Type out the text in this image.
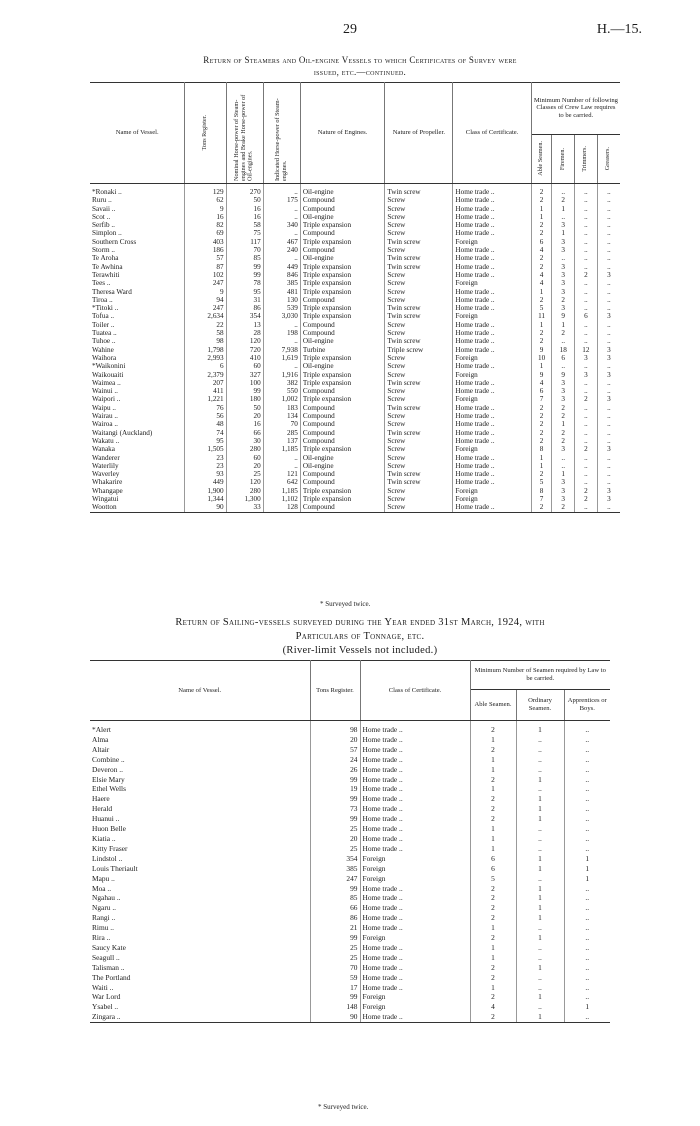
29	H.—15.
Return of Steamers and Oil-engine Vessels to which Certificates of Survey were
issued, etc.—continued.
Name of Vessel.	Tons Register.	Nominal Horse-power of Steam-engines and Brake Horse-power of Oil-engines.	Indicated Horse-power of Steam-engines.	Nature of Engines.	Nature of Propeller.	Class of Certificate.	Minimum Number of following Classes of Crew Law requires to be carried.			

							Able Seamen.	Firemen.	Trimmers.	Greasers.

*Ronaki ..	129	270	..	Oil-engine	Twin screw	Home trade ..	2	..	..	..
Ruru ..	62	50	175	Compound	Screw	Home trade ..	2	2	..	..
Savaii ..	9	16	..	Compound	Screw	Home trade ..	1	1	..	..
Scot ..	16	16	..	Oil-engine	Screw	Home trade ..	1	..	..	..
Serfib ..	82	58	340	Triple expansion	Screw	Home trade ..	2	3	..	..
Simplon ..	69	75	..	Compound	Screw	Home trade ..	2	1	..	..
Southern Cross	403	117	467	Triple expansion	Twin screw	Foreign	6	3	..	..
Storm ..	186	70	240	Compound	Screw	Home trade ..	4	3	..	..
Te Aroha	57	85	..	Oil-engine	Twin screw	Home trade ..	2	..	..	..
Te Awhina	87	99	449	Triple expansion	Twin screw	Home trade ..	2	3	..	..
Terawhiti	102	99	846	Triple expansion	Screw	Home trade ..	4	3	2	3
Tees ..	247	78	385	Triple expansion	Screw	Foreign	4	3	..	..
Theresa Ward	9	95	481	Triple expansion	Screw	Home trade ..	1	3	..	..
Tiroa ..	94	31	130	Compound	Screw	Home trade ..	2	2	..	..
*Titoki ..	247	86	539	Triple expansion	Twin screw	Home trade ..	5	3	..	..
Tofua ..	2,634	354	3,030	Triple expansion	Twin screw	Foreign	11	9	6	3
Toiler ..	22	13	..	Compound	Screw	Home trade ..	1	1	..	..
Tuatea ..	58	28	198	Compound	Screw	Home trade ..	2	2	..	..
Tuhoe ..	98	120	..	Oil-engine	Twin screw	Home trade ..	2	..	..	..
Wahine	1,798	720	7,938	Turbine	Triple screw	Home trade ..	9	18	12	3
Waihora	2,993	410	1,619	Triple expansion	Screw	Foreign	10	6	3	3
*Waikonini	6	60	..	Oil-engine	Screw	Home trade ..	1	..	..	..
Waikouaiti	2,379	327	1,916	Triple expansion	Screw	Foreign	9	9	3	3
Waimea ..	207	100	382	Triple expansion	Twin screw	Home trade ..	4	3	..	..
Wainui ..	411	99	550	Compound	Screw	Home trade ..	6	3	..	..
Waipori ..	1,221	180	1,002	Triple expansion	Screw	Foreign	7	3	2	3
Waipu ..	76	50	183	Compound	Twin screw	Home trade ..	2	2	..	..
Wairau ..	56	20	134	Compound	Screw	Home trade ..	2	2	..	..
Wairoa ..	48	16	70	Compound	Screw	Home trade ..	2	1	..	..
Waitangi (Auckland)	74	66	285	Compound	Twin screw	Home trade ..	2	2	..	..
Wakatu ..	95	30	137	Compound	Screw	Home trade ..	2	2	..	..
Wanaka	1,505	280	1,185	Triple expansion	Screw	Foreign	8	3	2	3
Wanderer	23	60	..	Oil-engine	Screw	Home trade ..	1	..	..	..
Waterlily	23	20	..	Oil-engine	Screw	Home trade ..	1	..	..	..
Waverley	93	25	121	Compound	Twin screw	Home trade ..	2	1	..	..
Whakarire	449	120	642	Compound	Twin screw	Home trade ..	5	3	..	..
Whangape	1,900	280	1,185	Triple expansion	Screw	Foreign	8	3	2	3
Wingatui	1,344	1,300	1,102	Triple expansion	Screw	Foreign	7	3	2	3
Wootton	90	33	128	Compound	Screw	Home trade ..	2	2	..	..
* Surveyed twice.
Return of Sailing-vessels surveyed during the Year ended 31st March, 1924, with
Particulars of Tonnage, etc.
(River-limit Vessels not included.)
Name of Vessel.	Tons Register.	Class of Certificate.	Minimum Number of Seamen required by Law to be carried.		
			Able Seamen.	Ordinary Seamen.	Apprentices or Boys.

*Alert	98	Home trade ..	2	1	..
Alma	20	Home trade ..	1	..	..
Altair	57	Home trade ..	2	..	..
Combine ..	24	Home trade ..	1	..	..
Deveron ..	26	Home trade ..	1	..	..
Elsie Mary	99	Home trade ..	2	1	..
Ethel Wells	19	Home trade ..	1	..	..
Haere	99	Home trade ..	2	1	..
Herald	73	Home trade ..	2	1	..
Huanui ..	99	Home trade ..	2	1	..
Huon Belle	25	Home trade ..	1	..	..
Kiatia ..	20	Home trade ..	1	..	..
Kitty Fraser	25	Home trade ..	1	..	..
Lindstol ..	354	Foreign	6	1	1
Louis Theriault	385	Foreign	6	1	1
Mapu ..	247	Foreign	5	..	1
Moa ..	99	Home trade ..	2	1	..
Ngahau ..	85	Home trade ..	2	1	..
Ngaru ..	66	Home trade ..	2	1	..
Rangi ..	86	Home trade ..	2	1	..
Rimu ..	21	Home trade ..	1	..	..
Rira ..	99	Foreign	2	1	..
Saucy Kate	25	Home trade ..	1	..	..
Seagull ..	25	Home trade ..	1	..	..
Talisman ..	70	Home trade ..	2	1	..
The Portland	59	Home trade ..	2	..	..
Waiti ..	17	Home trade ..	1	..	..
War Lord	99	Foreign	2	1	..
Ysabel ..	148	Foreign	4	..	1
Zingara ..	90	Home trade ..	2	1	..
* Surveyed twice.
